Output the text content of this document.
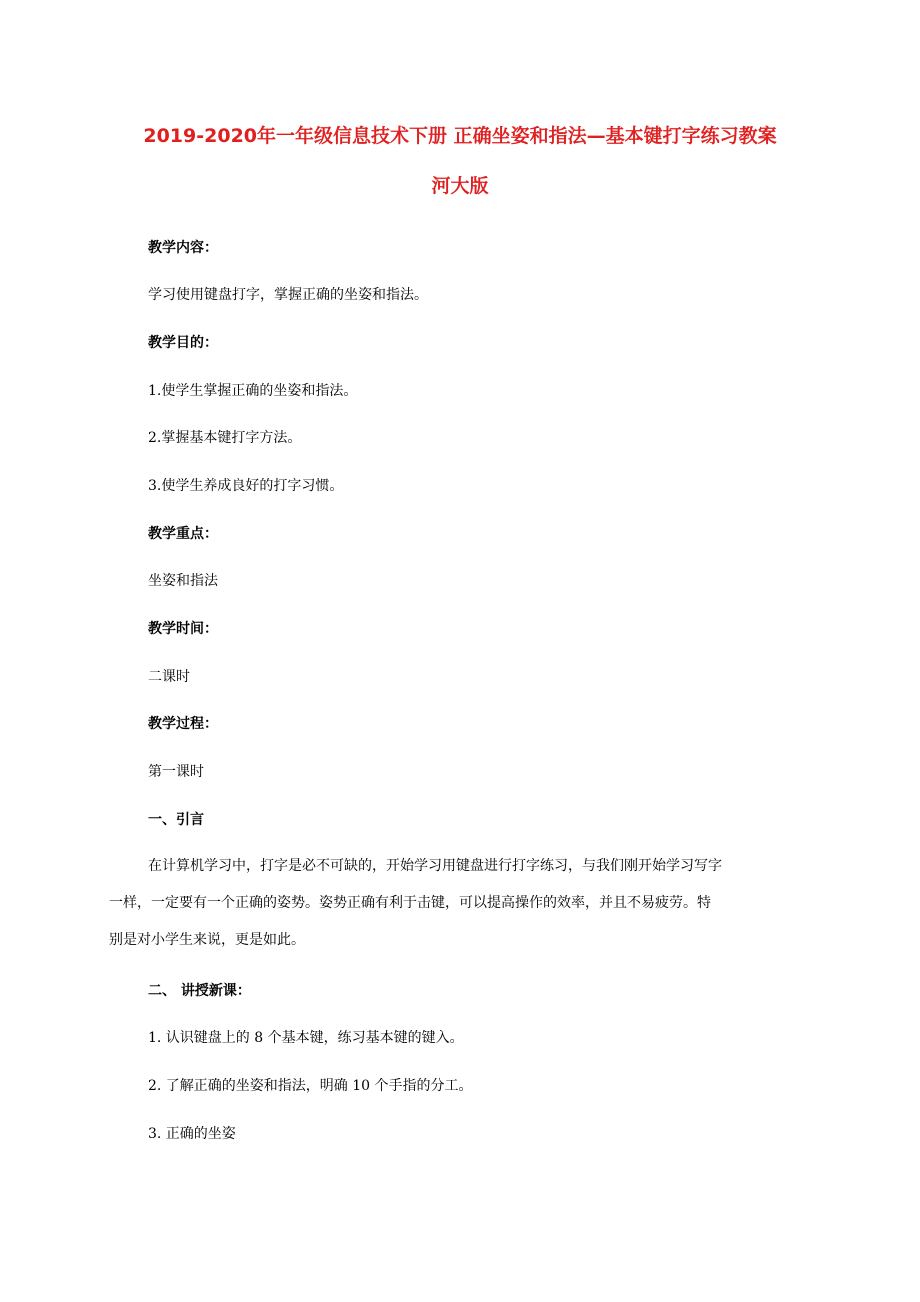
2019-2020年一年级信息技术下册 正确坐姿和指法—基本键打字练习教案
河大版
教学内容：
学习使用键盘打字，掌握正确的坐姿和指法。
教学目的：
1.使学生掌握正确的坐姿和指法。
2.掌握基本键打字方法。
3.使学生养成良好的打字习惯。
教学重点：
坐姿和指法
教学时间：
二课时
教学过程：
第一课时
一、引言
在计算机学习中，打字是必不可缺的，开始学习用键盘进行打字练习，与我们刚开始学习写字
一样，一定要有一个正确的姿势。姿势正确有利于击键，可以提高操作的效率，并且不易疲劳。特
别是对小学生来说，更是如此。
二、 讲授新课：
1. 认识键盘上的 8 个基本键，练习基本键的键入。
2. 了解正确的坐姿和指法，明确 10 个手指的分工。
3. 正确的坐姿
